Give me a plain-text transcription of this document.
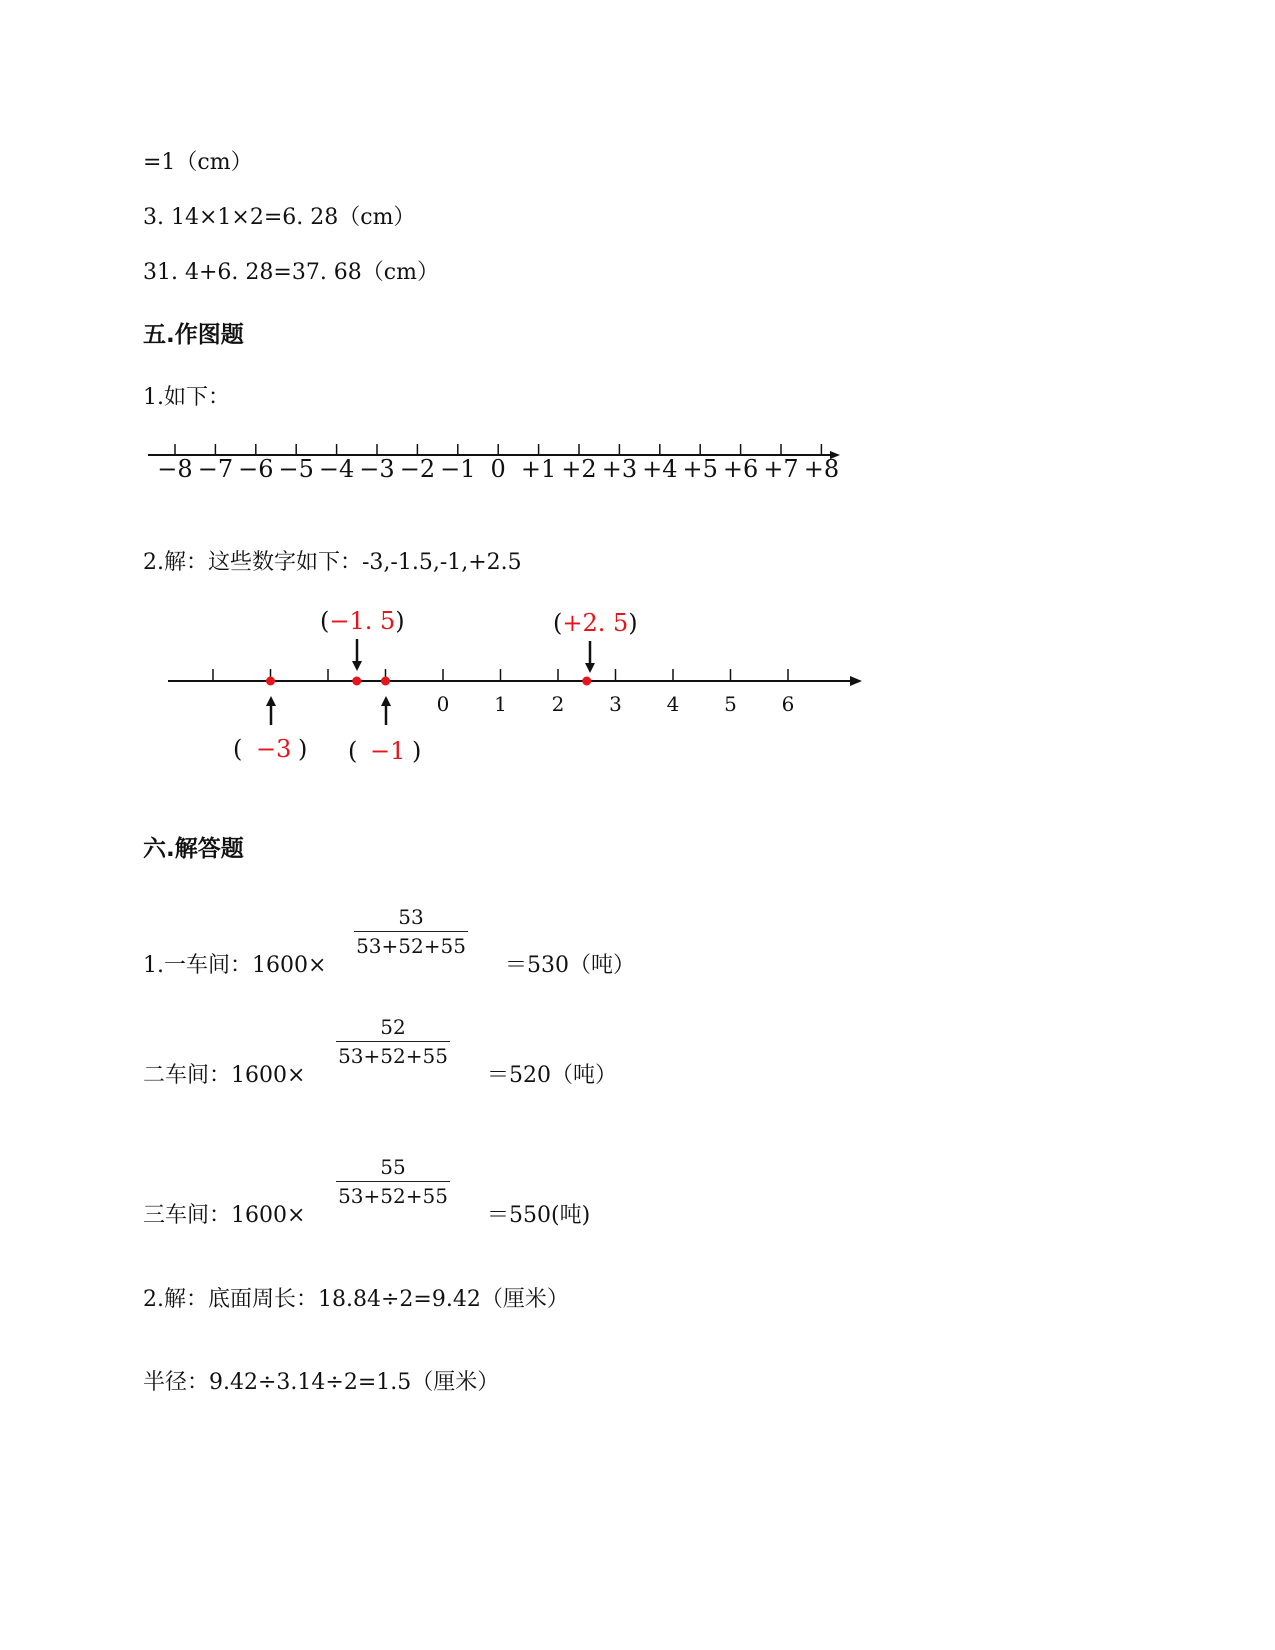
=1（cm）
3. 14×1×2=6. 28（cm）
31. 4+6. 28=37. 68（cm）
五.作图题
1.如下：
−8 −7 −6 −5 −4 −3 −2 −1 0 +1 +2 +3 +4 +5 +6 +7 +8
2.解：这些数字如下：-3,-1.5,-1,+2.5
0 1 2 3 4 5 6
(−1. 5)	(+2. 5)
( −3 ) ( −1 )
六.解答题
1.一车间：1600×
53
53+52+55
＝530（吨）
二车间：1600×
52
53+52+55
＝520（吨）
三车间：1600×
55
53+52+55
＝550(吨)
2.解：底面周长：18.84÷2=9.42（厘米）
半径：9.42÷3.14÷2=1.5（厘米）
